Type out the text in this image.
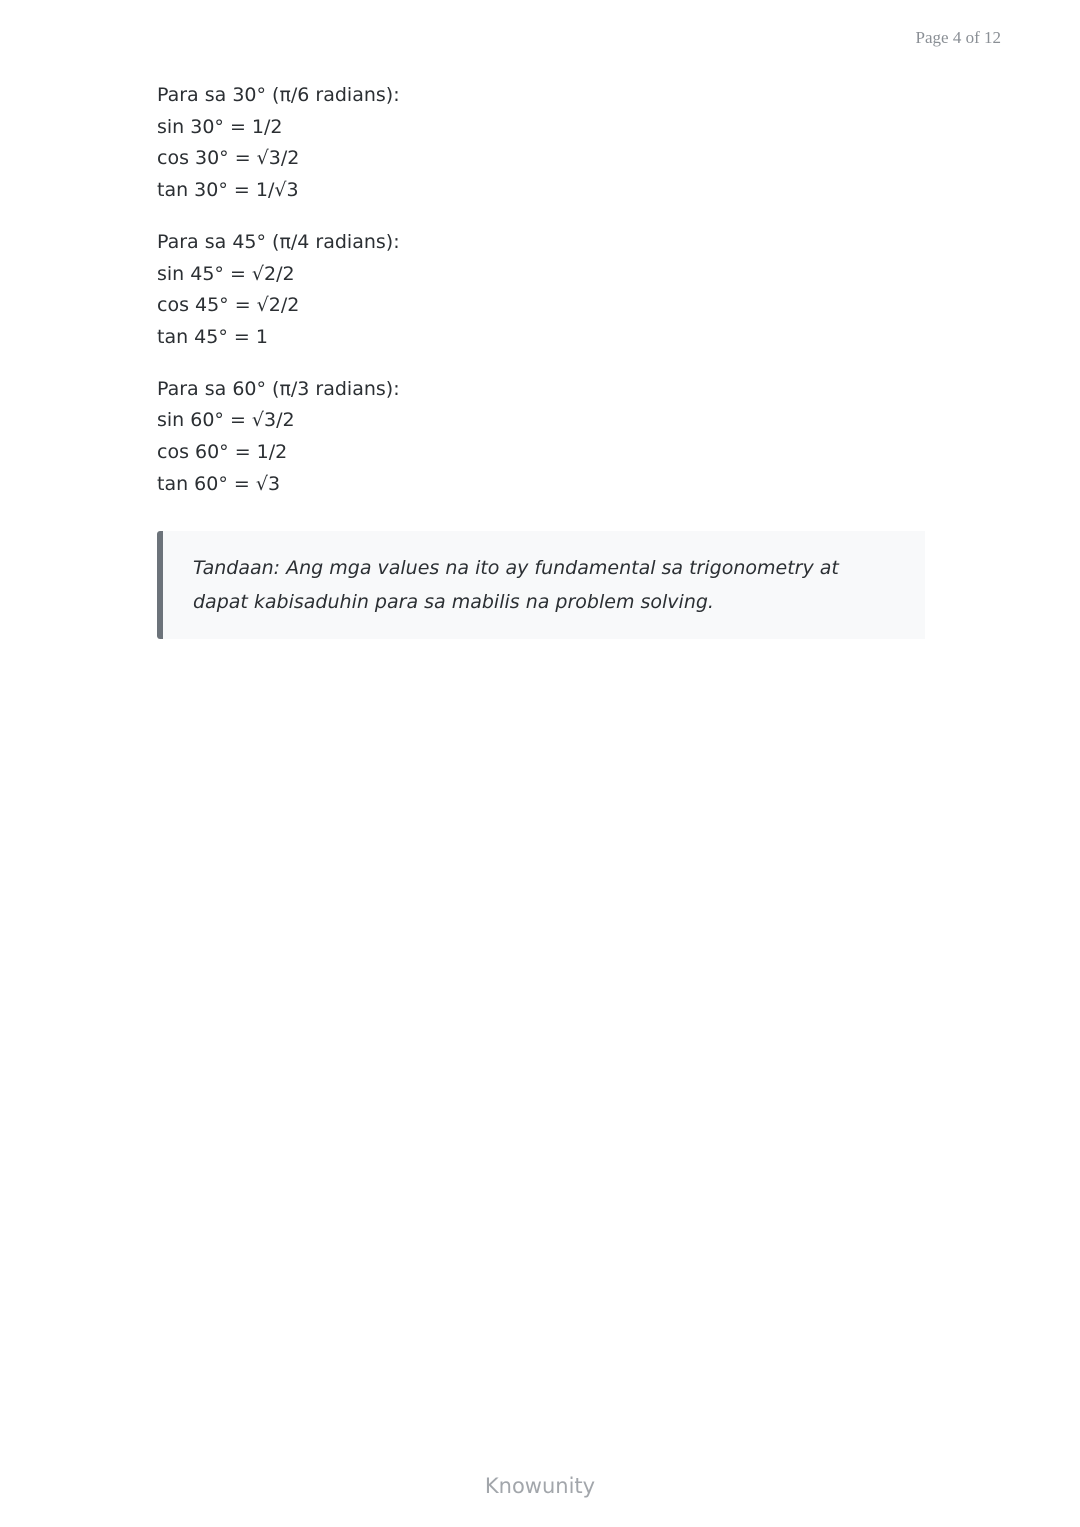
Page 4 of 12
Para sa 30° (π/6 radians):
sin 30° = 1/2
cos 30° = √3/2
tan 30° = 1/√3
Para sa 45° (π/4 radians):
sin 45° = √2/2
cos 45° = √2/2
tan 45° = 1
Para sa 60° (π/3 radians):
sin 60° = √3/2
cos 60° = 1/2
tan 60° = √3
Tandaan: Ang mga values na ito ay fundamental sa trigonometry at dapat kabisaduhin para sa mabilis na problem solving.
Knowunity
